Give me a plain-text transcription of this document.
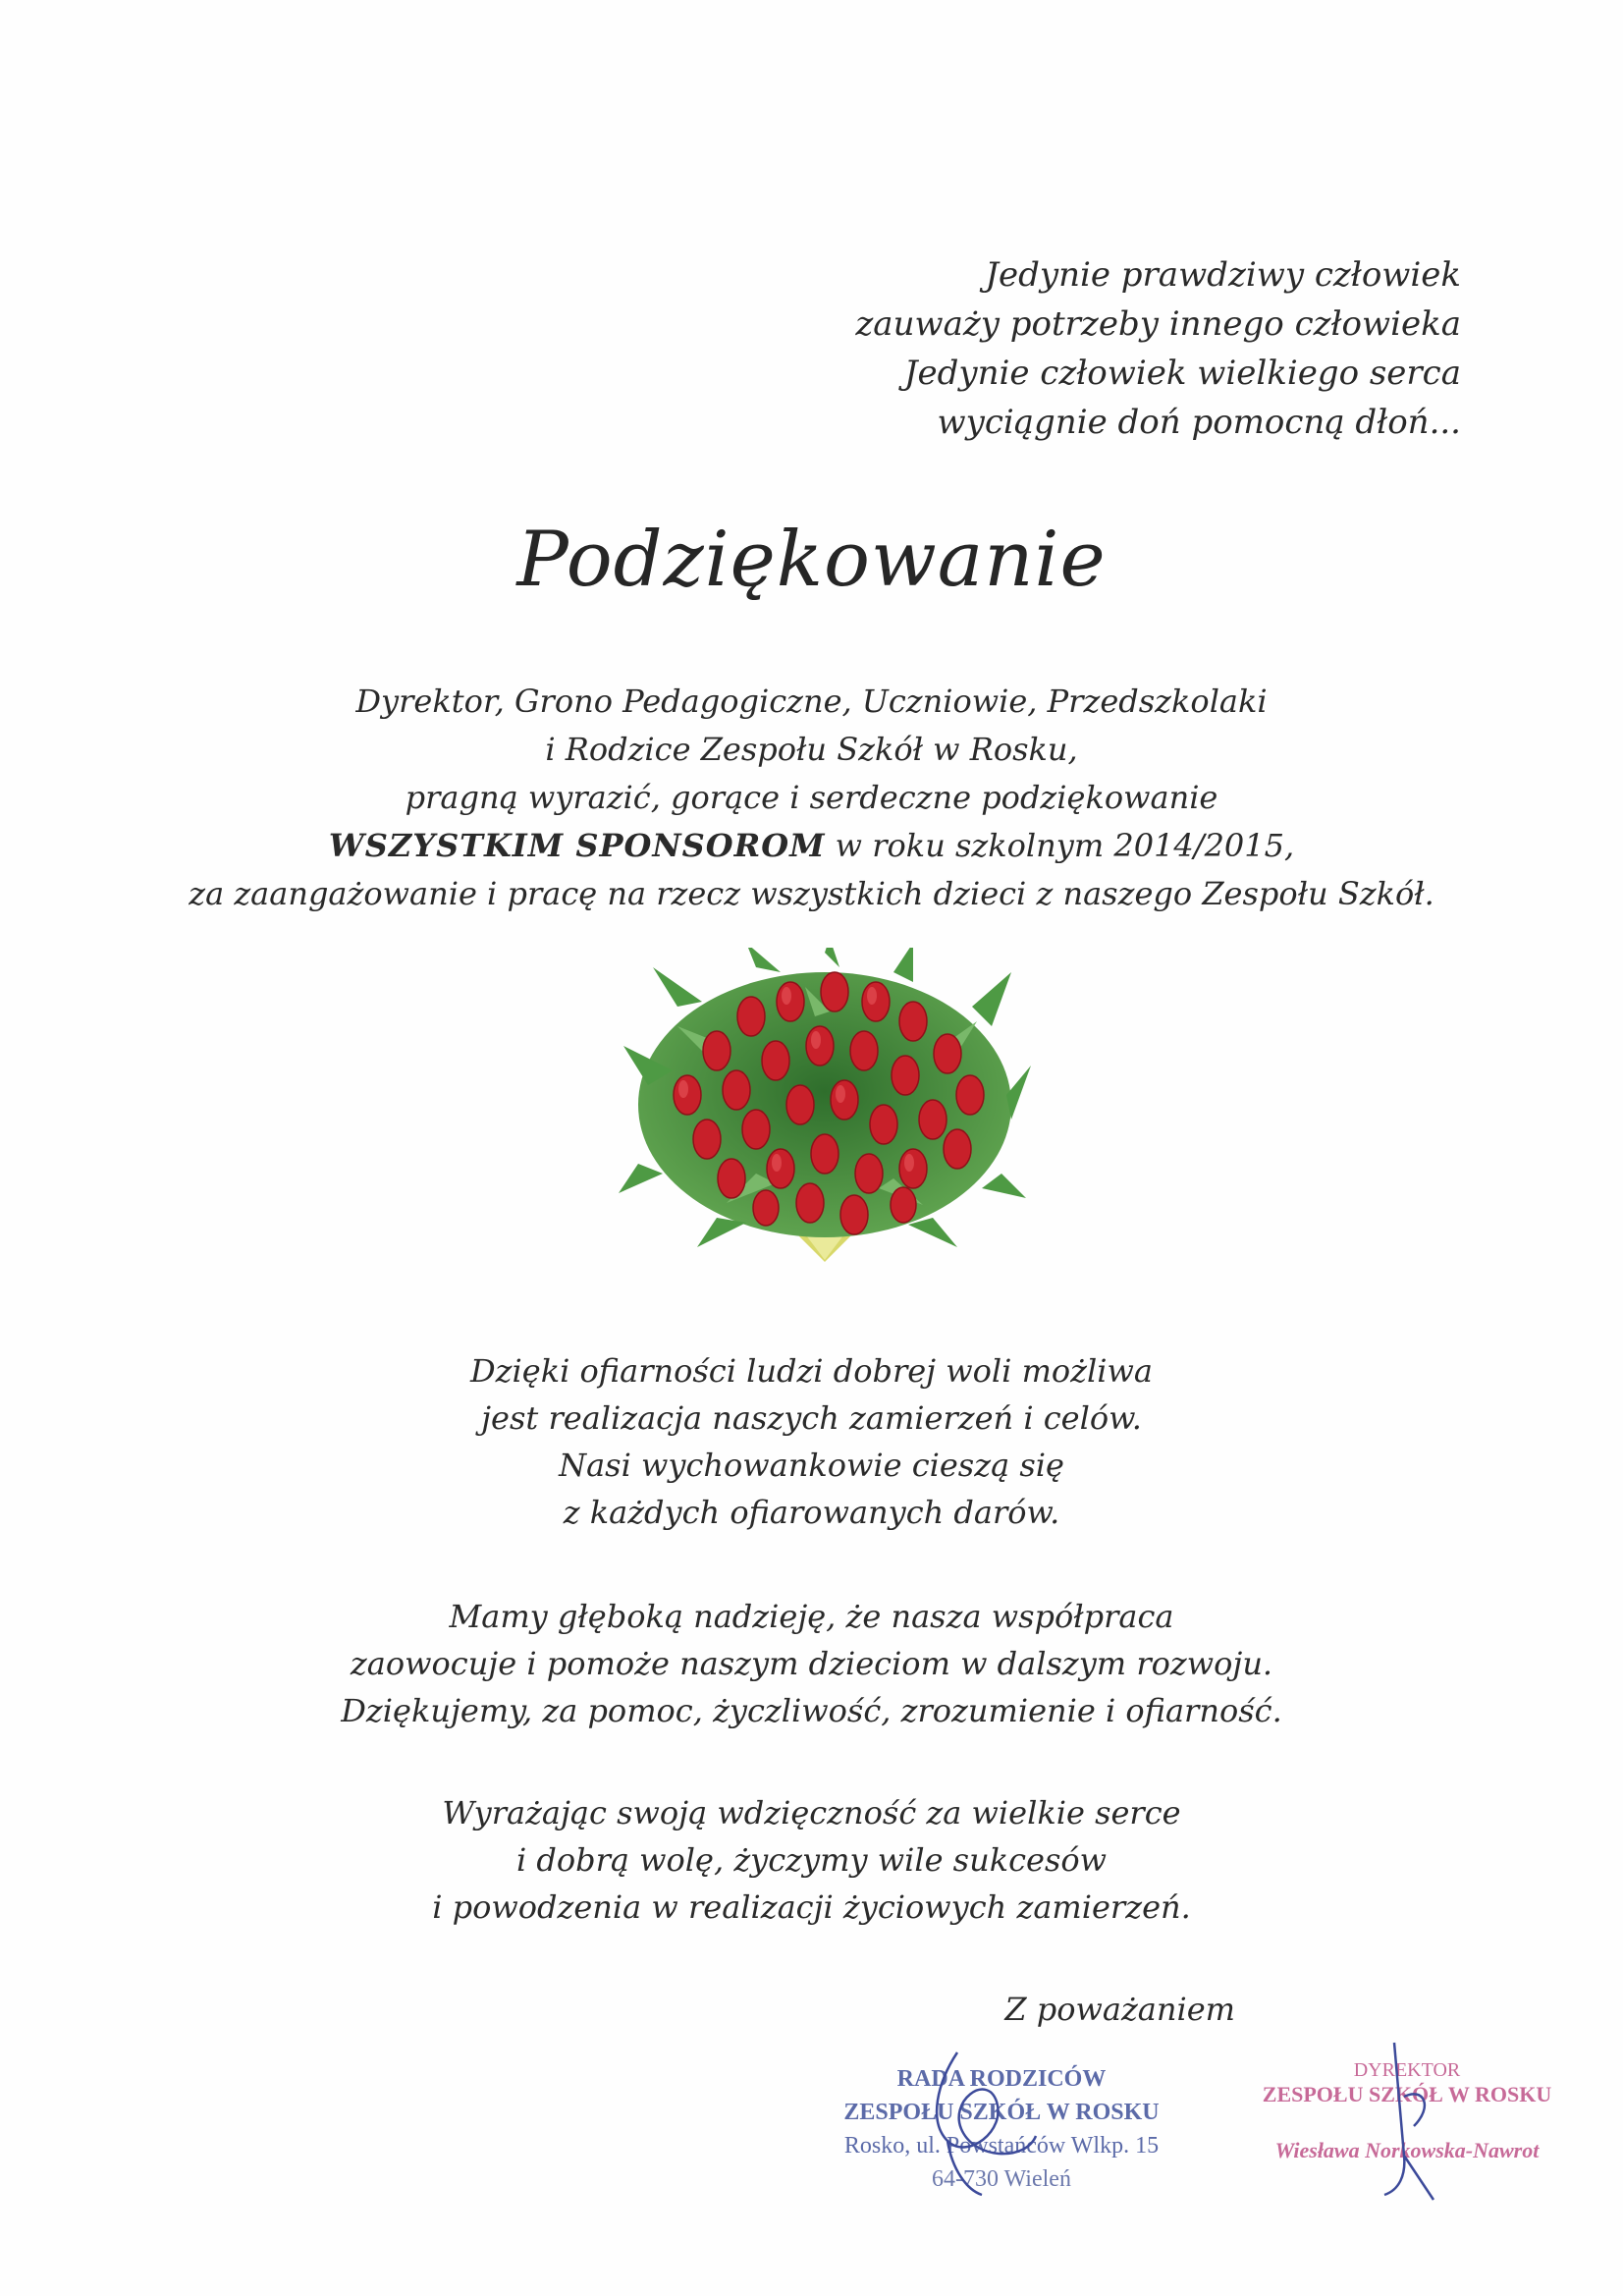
Jedynie prawdziwy człowiek
zauważy potrzeby innego człowieka
Jedynie człowiek wielkiego serca
wyciągnie doń pomocną dłoń...
Podziękowanie
Dyrektor, Grono Pedagogiczne, Uczniowie, Przedszkolaki
i Rodzice Zespołu Szkół w Rosku,
pragną wyrazić, gorące i serdeczne podziękowanie
WSZYSTKIM SPONSOROM w roku szkolnym 2014/2015,
za zaangażowanie i pracę na rzecz wszystkich dzieci z naszego Zespołu Szkół.
Dzięki ofiarności ludzi dobrej woli możliwa
jest realizacja naszych zamierzeń i celów.
Nasi wychowankowie cieszą się
z każdych ofiarowanych darów.
Mamy głęboką nadzieję, że nasza współpraca
zaowocuje i pomoże naszym dzieciom w dalszym rozwoju.
Dziękujemy, za pomoc, życzliwość, zrozumienie i ofiarność.
Wyrażając swoją wdzięczność za wielkie serce
i dobrą wolę, życzymy wile sukcesów
i powodzenia w realizacji życiowych zamierzeń.
Z poważaniem
RADA RODZICÓW
ZESPOŁU SZKÓŁ W ROSKU
Rosko, ul. Powstańców Wlkp. 15
64-730 Wieleń
DYREKTOR
ZESPOŁU SZKÓŁ W ROSKU
Wiesława Norkowska-Nawrot
